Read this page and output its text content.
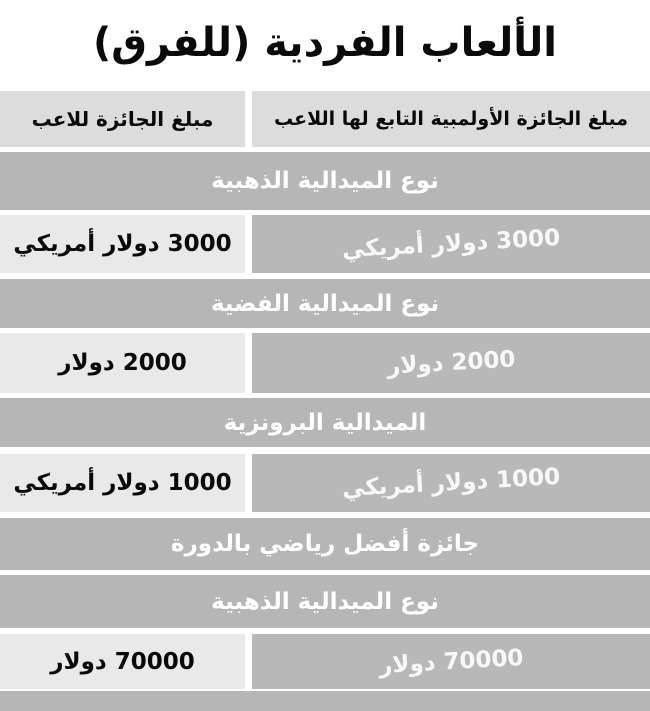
الألعاب الفردية (للفرق)
مبلغ الجائزة للاعب	مبلغ الجائزة الأولمبية التابع لها اللاعب
نوع الميدالية الذهبية
3000 دولار أمريكي	3000 دولار أمريكي
نوع الميدالية الفضية
2000 دولار	2000 دولار
الميدالية البرونزية
1000 دولار أمريكي	1000 دولار أمريكي
جائزة أفضل رياضي بالدورة
نوع الميدالية الذهبية
70000 دولار	70000 دولار
